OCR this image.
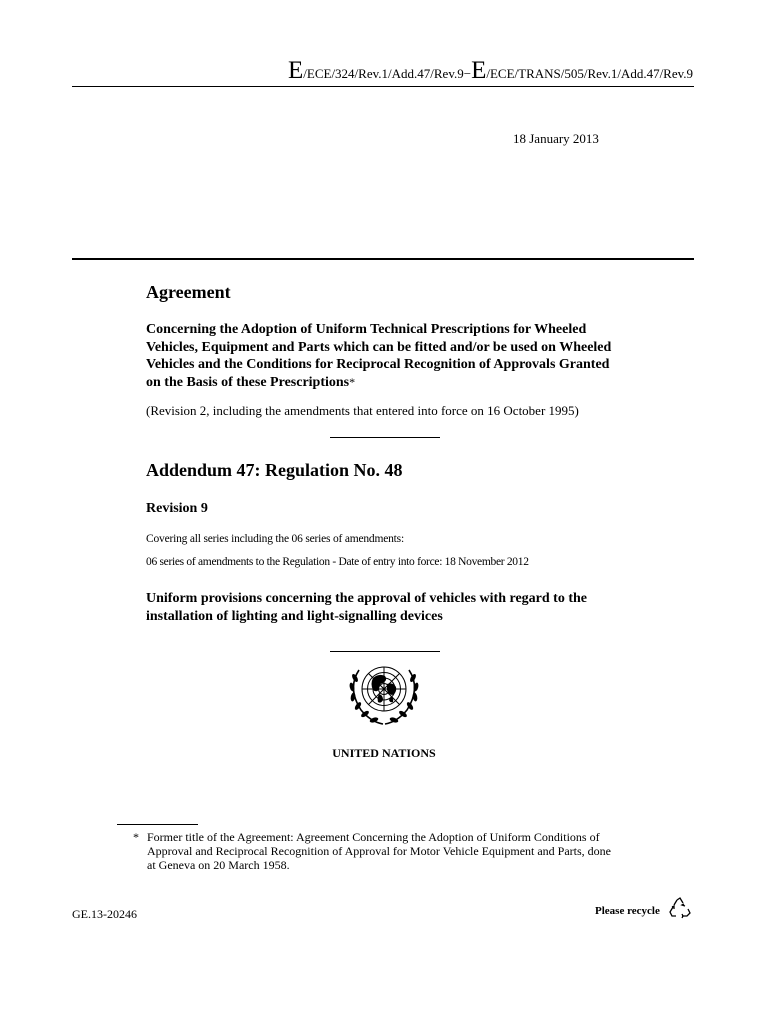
E/ECE/324/Rev.1/Add.47/Rev.9−E/ECE/TRANS/505/Rev.1/Add.47/Rev.9
18 January 2013
Agreement
Concerning the Adoption of Uniform Technical Prescriptions for Wheeled Vehicles, Equipment and Parts which can be fitted and/or be used on Wheeled Vehicles and the Conditions for Reciprocal Recognition of Approvals Granted on the Basis of these Prescriptions*
(Revision 2, including the amendments that entered into force on 16 October 1995)
Addendum 47: Regulation No. 48
Revision 9
Covering all series including the 06 series of amendments:
06 series of amendments to the Regulation - Date of entry into force: 18 November 2012
Uniform provisions concerning the approval of vehicles with regard to the installation of lighting and light-signalling devices
UNITED NATIONS
* Former title of the Agreement: Agreement Concerning the Adoption of Uniform Conditions of Approval and Reciprocal Recognition of Approval for Motor Vehicle Equipment and Parts, done at Geneva on 20 March 1958.
GE.13-20246	Please recycle
